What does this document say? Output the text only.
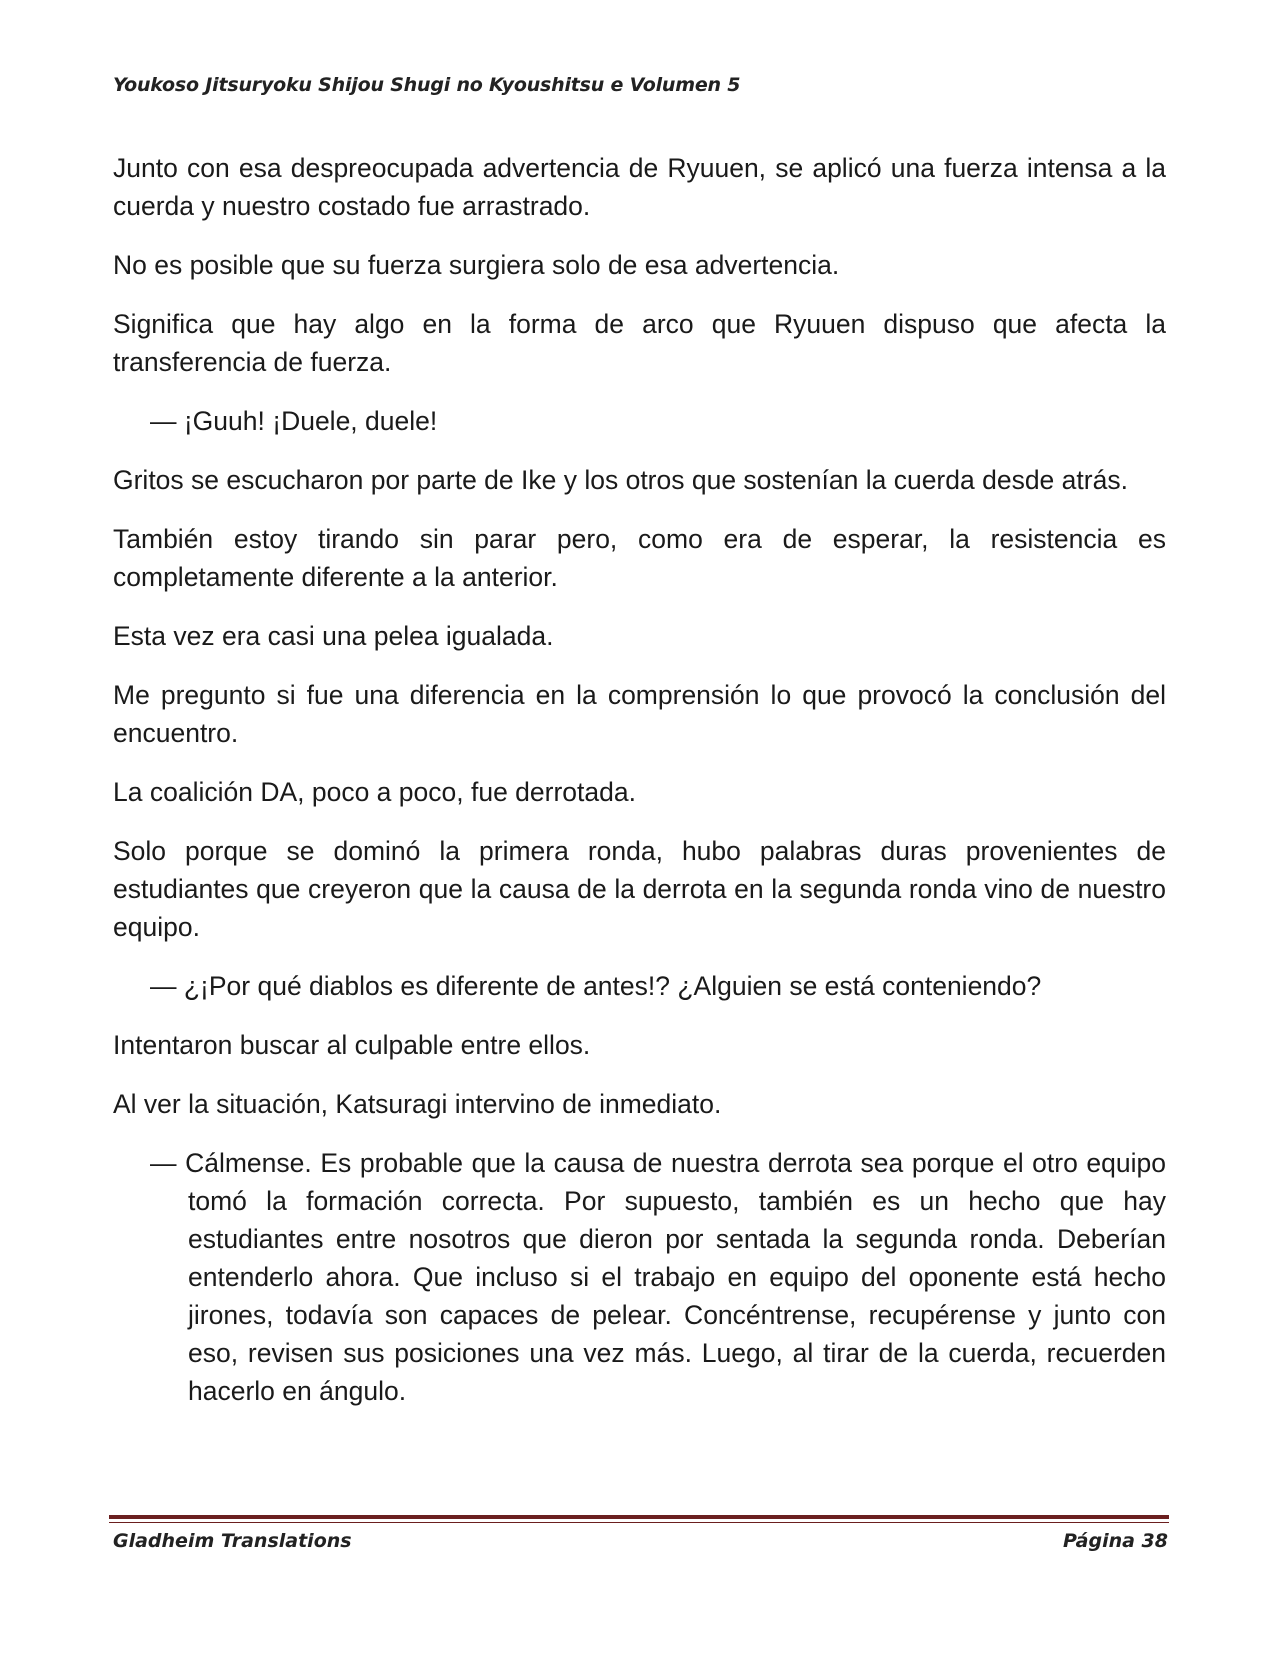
Youkoso Jitsuryoku Shijou Shugi no Kyoushitsu e Volumen 5

Junto con esa despreocupada advertencia de Ryuuen, se aplicó una fuerza intensa a la cuerda y nuestro costado fue arrastrado.

No es posible que su fuerza surgiera solo de esa advertencia.

Significa que hay algo en la forma de arco que Ryuuen dispuso que afecta la transferencia de fuerza.

— ¡Guuh! ¡Duele, duele!

Gritos se escucharon por parte de Ike y los otros que sostenían la cuerda desde atrás.

También estoy tirando sin parar pero, como era de esperar, la resistencia es completamente diferente a la anterior.

Esta vez era casi una pelea igualada.

Me pregunto si fue una diferencia en la comprensión lo que provocó la conclusión del encuentro.

La coalición DA, poco a poco, fue derrotada.

Solo porque se dominó la primera ronda, hubo palabras duras provenientes de estudiantes que creyeron que la causa de la derrota en la segunda ronda vino de nuestro equipo.

— ¿¡Por qué diablos es diferente de antes!? ¿Alguien se está conteniendo?

Intentaron buscar al culpable entre ellos.

Al ver la situación, Katsuragi intervino de inmediato.

— Cálmense. Es probable que la causa de nuestra derrota sea porque el otro equipo tomó la formación correcta. Por supuesto, también es un hecho que hay estudiantes entre nosotros que dieron por sentada la segunda ronda. Deberían entenderlo ahora. Que incluso si el trabajo en equipo del oponente está hecho jirones, todavía son capaces de pelear. Concéntrense, recupérense y junto con eso, revisen sus posiciones una vez más. Luego, al tirar de la cuerda, recuerden hacerlo en ángulo.

Gladheim Translations	Página 38
